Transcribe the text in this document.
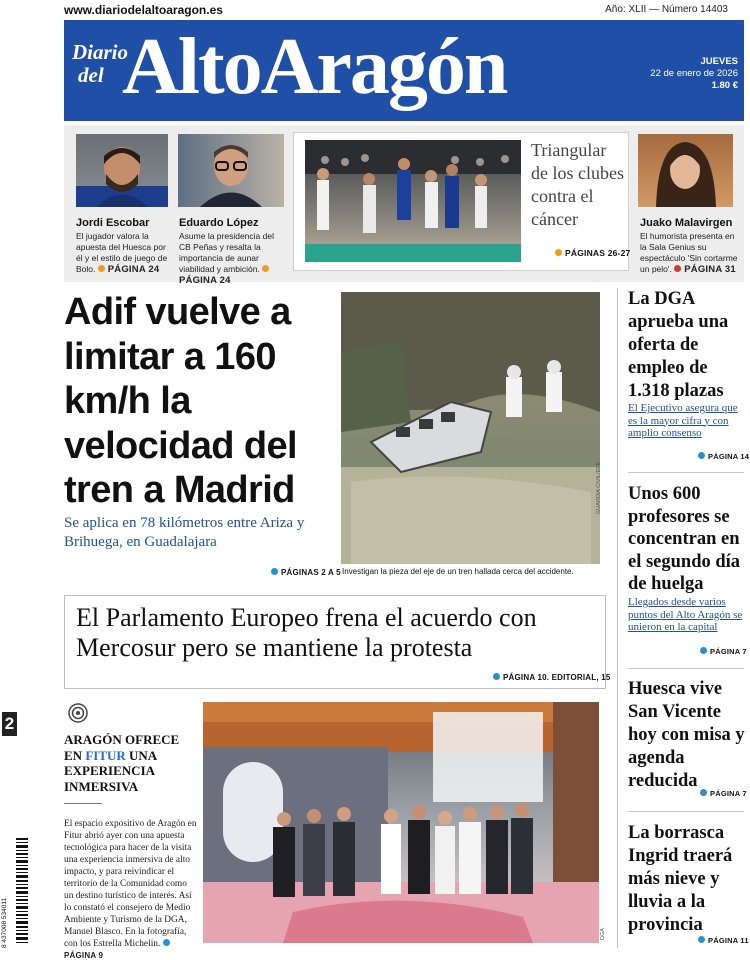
www.diariodelaltoaragon.es	Año: XLII — Número 14403
Diario
del AltoAragón	JUEVES
22 de enero de 2026
1.80 €
Jordi Escobar
El jugador valora la apuesta del Huesca por él y el estilo de juego de Bolo. PÁGINA 24
Eduardo López
Asume la presidencia del CB Peñas y resalta la importancia de aunar viabilidad y ambición. PÁGINA 24
Triangular de los clubes contra el cáncer
PÁGINAS 26-27
Juako Malavirgen
El humorista presenta en la Sala Genius su espectáculo 'Sin cortarme un pelo'. PÁGINA 31
Adif vuelve a limitar a 160 km/h la velocidad del tren a Madrid
Se aplica en 78 kilómetros entre Ariza y Brihuega, en Guadalajara
PÁGINAS 2 A 5
GUARDIA CIVIL/EFE
Investigan la pieza del eje de un tren hallada cerca del accidente.
El Parlamento Europeo frena el acuerdo con Mercosur pero se mantiene la protesta
PÁGINA 10. EDITORIAL, 15
2
ARAGÓN OFRECE EN FITUR UNA EXPERIENCIA INMERSIVA
El espacio expositivo de Aragón en Fitur abrió ayer con una apuesta tecnológica para hacer de la visita una experiencia inmersiva de alto impacto, y para reivindicar el territorio de la Comunidad como un destino turístico de interés. Así lo constató el consejero de Medio Ambiente y Turismo de la DGA, Manuel Blasco. En la fotografía, con los Estrella Michelin. PÁGINA 9
DGA
8 437008 534011
La DGA aprueba una oferta de empleo de 1.318 plazas
El Ejecutivo asegura que es la mayor cifra y con amplio consenso
PÁGINA 14
Unos 600 profesores se concentran en el segundo día de huelga
Llegados desde varios puntos del Alto Aragón se unieron en la capital
PÁGINA 7
Huesca vive San Vicente hoy con misa y agenda reducida
PÁGINA 7
La borrasca Ingrid traerá más nieve y lluvia a la provincia
PÁGINA 11
